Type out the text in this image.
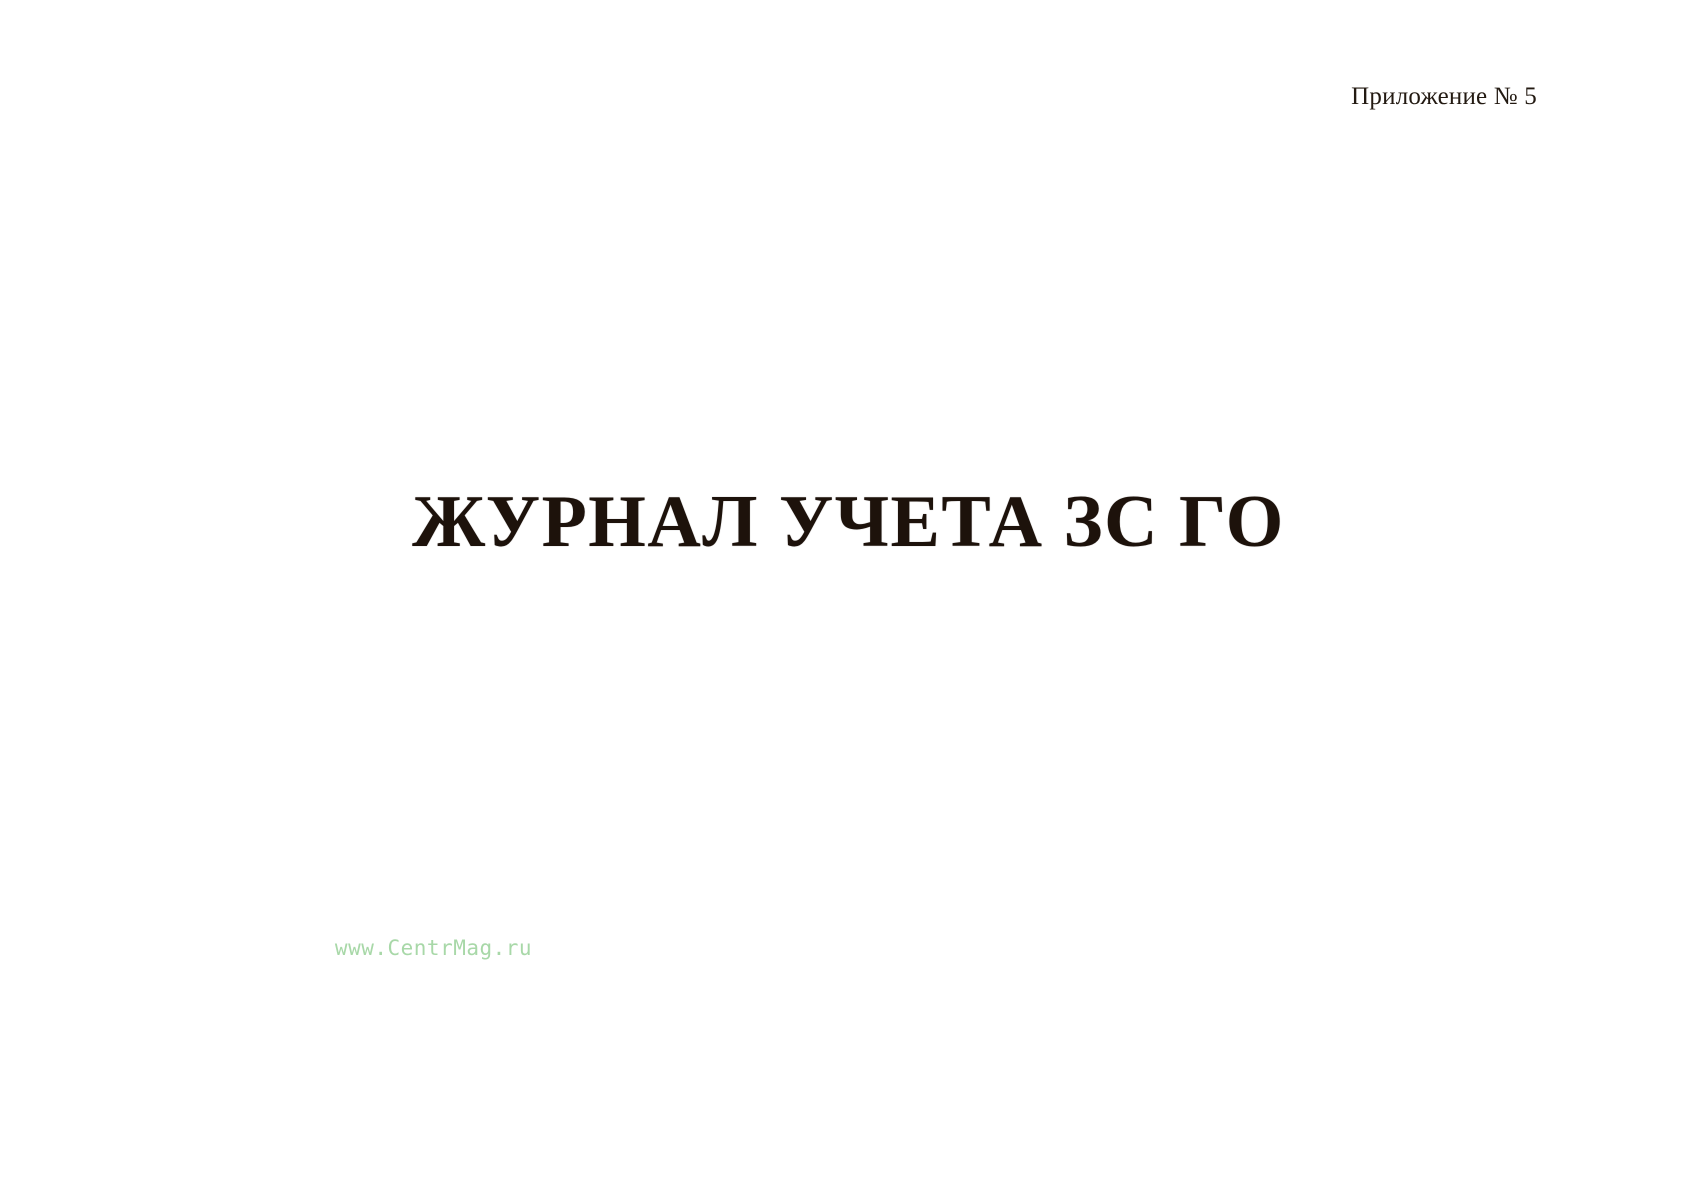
Приложение № 5
ЖУРНАЛ УЧЕТА ЗС ГО
www.CentrMag.ru
